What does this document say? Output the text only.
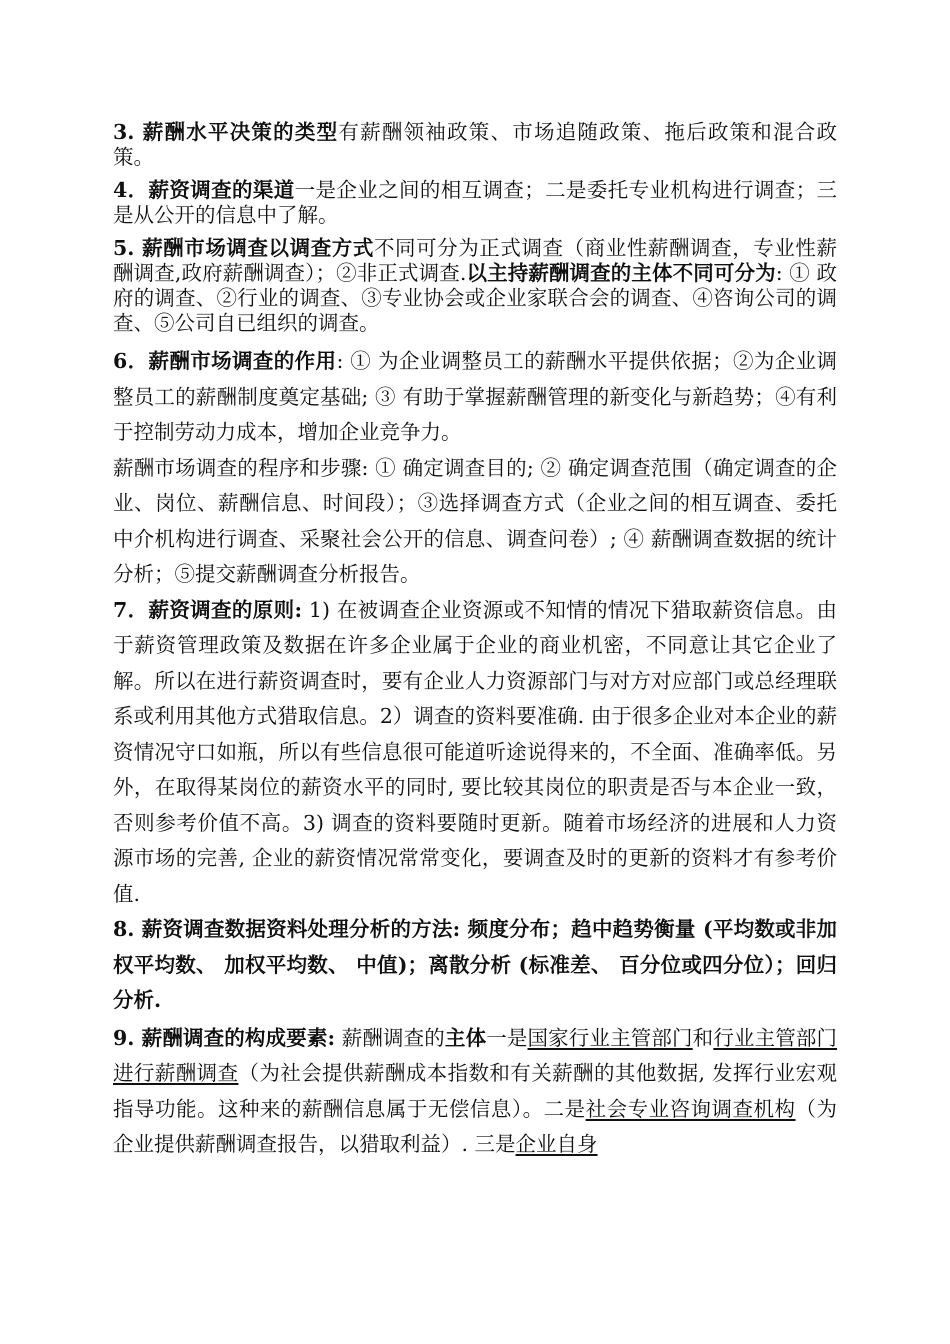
3. 薪酬水平决策的类型有薪酬领袖政策、市场追随政策、拖后政策和混合政策。

4．薪资调查的渠道一是企业之间的相互调查；二是委托专业机构进行调查；三是从公开的信息中了解。

5. 薪酬市场调查以调查方式不同可分为正式调查（商业性薪酬调查，专业性薪酬调查,政府薪酬调查）；②非正式调查.以主持薪酬调查的主体不同可分为: ① 政府的调查、②行业的调查、③专业协会或企业家联合会的调查、④咨询公司的调查、⑤公司自已组织的调查。

6．薪酬市场调查的作用: ① 为企业调整员工的薪酬水平提供依据；②为企业调整员工的薪酬制度奠定基础; ③ 有助于掌握薪酬管理的新变化与新趋势；④有利于控制劳动力成本，增加企业竞争力。

薪酬市场调查的程序和步骤: ① 确定调查目的; ② 确定调查范围（确定调查的企业、岗位、薪酬信息、时间段）；③选择调查方式（企业之间的相互调查、委托中介机构进行调查、采聚社会公开的信息、调查问卷）; ④ 薪酬调查数据的统计分析；⑤提交薪酬调查分析报告。

7．薪资调查的原则: 1) 在被调查企业资源或不知情的情况下猎取薪资信息。由于薪资管理政策及数据在许多企业属于企业的商业机密，不同意让其它企业了解。所以在进行薪资调查时，要有企业人力资源部门与对方对应部门或总经理联系或利用其他方式猎取信息。2）调查的资料要准确. 由于很多企业对本企业的薪资情况守口如瓶，所以有些信息很可能道听途说得来的，不全面、准确率低。另外，在取得某岗位的薪资水平的同时, 要比较其岗位的职责是否与本企业一致，否则参考价值不高。3) 调查的资料要随时更新。随着市场经济的进展和人力资源市场的完善, 企业的薪资情况常常变化，要调查及时的更新的资料才有参考价值.

8. 薪资调查数据资料处理分析的方法: 频度分布；趋中趋势衡量 (平均数或非加权平均数、 加权平均数、 中值)；离散分析 (标准差、 百分位或四分位）；回归分析.

9. 薪酬调查的构成要素: 薪酬调查的主体一是国家行业主管部门和行业主管部门进行薪酬调查（为社会提供薪酬成本指数和有关薪酬的其他数据, 发挥行业宏观指导功能。这种来的薪酬信息属于无偿信息）。二是社会专业咨询调查机构（为企业提供薪酬调查报告，以猎取利益）. 三是企业自身
